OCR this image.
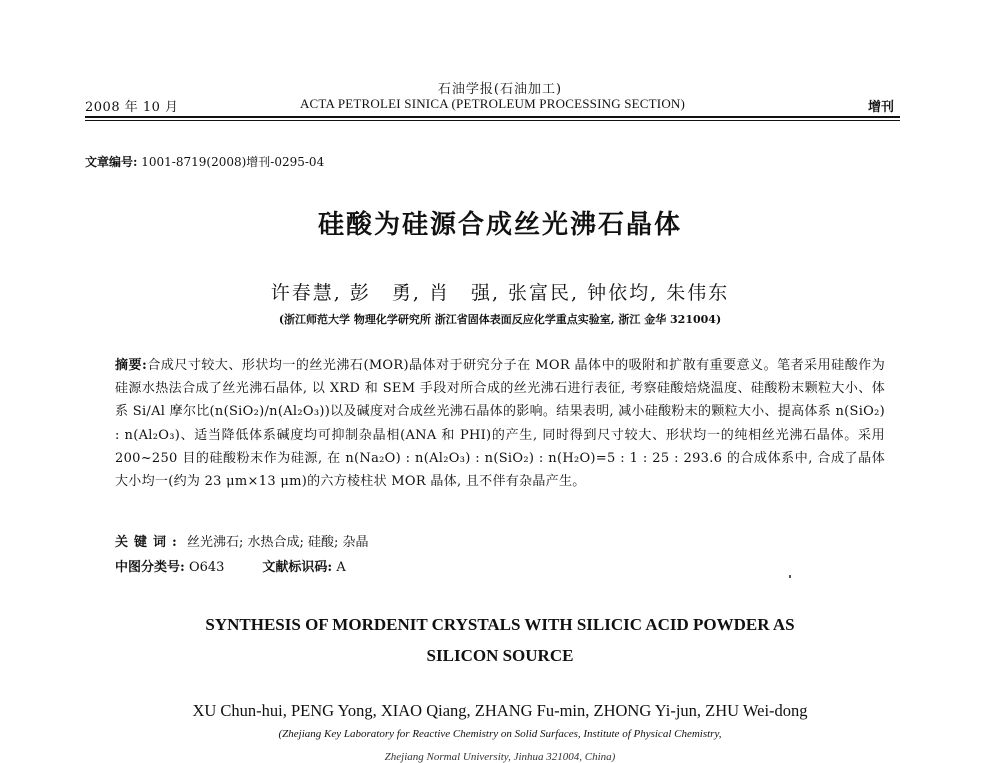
石油学报(石油加工)
2008 年 10 月	ACTA PETROLEI SINICA (PETROLEUM PROCESSING SECTION)	增刊
文章编号: 1001-8719(2008)增刊-0295-04
硅酸为硅源合成丝光沸石晶体
许春慧, 彭　勇, 肖　强, 张富民, 钟依均, 朱伟东
(浙江师范大学 物理化学研究所 浙江省固体表面反应化学重点实验室, 浙江 金华 321004)
摘要:合成尺寸较大、形状均一的丝光沸石(MOR)晶体对于研究分子在 MOR 晶体中的吸附和扩散有重要意义。笔者采用硅酸作为硅源水热法合成了丝光沸石晶体, 以 XRD 和 SEM 手段对所合成的丝光沸石进行表征, 考察硅酸焙烧温度、硅酸粉末颗粒大小、体系 Si/Al 摩尔比(n(SiO₂)/n(Al₂O₃))以及碱度对合成丝光沸石晶体的影响。结果表明, 减小硅酸粉末的颗粒大小、提高体系 n(SiO₂) : n(Al₂O₃)、适当降低体系碱度均可抑制杂晶相(ANA 和 PHI)的产生, 同时得到尺寸较大、形状均一的纯相丝光沸石晶体。采用 200~250 目的硅酸粉末作为硅源, 在 n(Na₂O) : n(Al₂O₃) : n(SiO₂) : n(H₂O)=5 : 1 : 25 : 293.6 的合成体系中, 合成了晶体大小均一(约为 23 μm×13 μm)的六方棱柱状 MOR 晶体, 且不伴有杂晶产生。
关键词: 丝光沸石; 水热合成; 硅酸; 杂晶
中图分类号: O643	文献标识码: A
SYNTHESIS OF MORDENIT CRYSTALS WITH SILICIC ACID POWDER AS
SILICON SOURCE
XU Chun-hui, PENG Yong, XIAO Qiang, ZHANG Fu-min, ZHONG Yi-jun, ZHU Wei-dong
(Zhejiang Key Laboratory for Reactive Chemistry on Solid Surfaces, Institute of Physical Chemistry,
Zhejiang Normal University, Jinhua 321004, China)
